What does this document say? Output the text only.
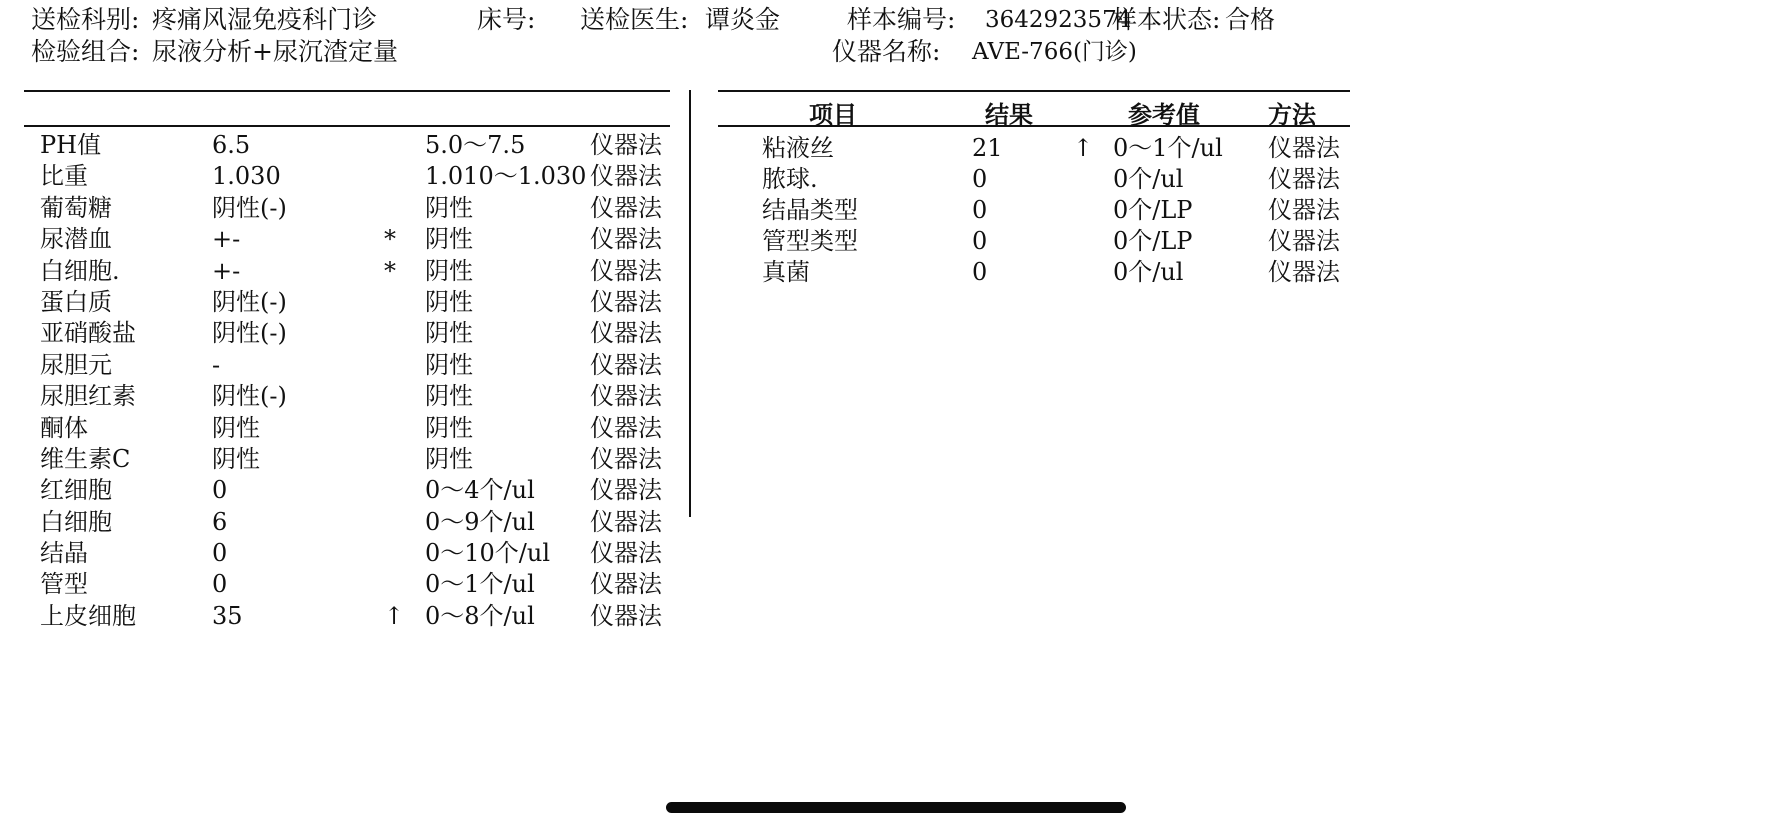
送检科别: 疼痛风湿免疫科门诊	床号: 送检医生: 谭炎金	样本编号: 3642923574
样本状态: 合格
检验组合: 尿液分析+尿沉渣定量	仪器名称: AVE-766(门诊)
项目	结果	参考值	方法
PH值	6.5	5.0～7.5	仪器法
比重	1.030	1.010～1.030 仪器法
葡萄糖	阴性(-)	阴性	仪器法
尿潜血	+-	* 阴性	仪器法
白细胞.	+-	* 阴性	仪器法
蛋白质	阴性(-)	阴性	仪器法
亚硝酸盐	阴性(-)	阴性	仪器法
尿胆元	-	阴性	仪器法
尿胆红素	阴性(-)	阴性	仪器法
酮体	阴性	阴性	仪器法
维生素C	阴性	阴性	仪器法
红细胞	0	0～4个/ul 仪器法
白细胞	6	0～9个/ul 仪器法
结晶	0	0～10个/ul 仪器法
管型	0	0～1个/ul 仪器法
上皮细胞	35	↑ 0～8个/ul 仪器法
粘液丝	21	↑ 0～1个/ul 仪器法
脓球.	0	0个/ul	仪器法
结晶类型	0	0个/LP	仪器法
管型类型	0	0个/LP	仪器法
真菌	0	0个/ul	仪器法
